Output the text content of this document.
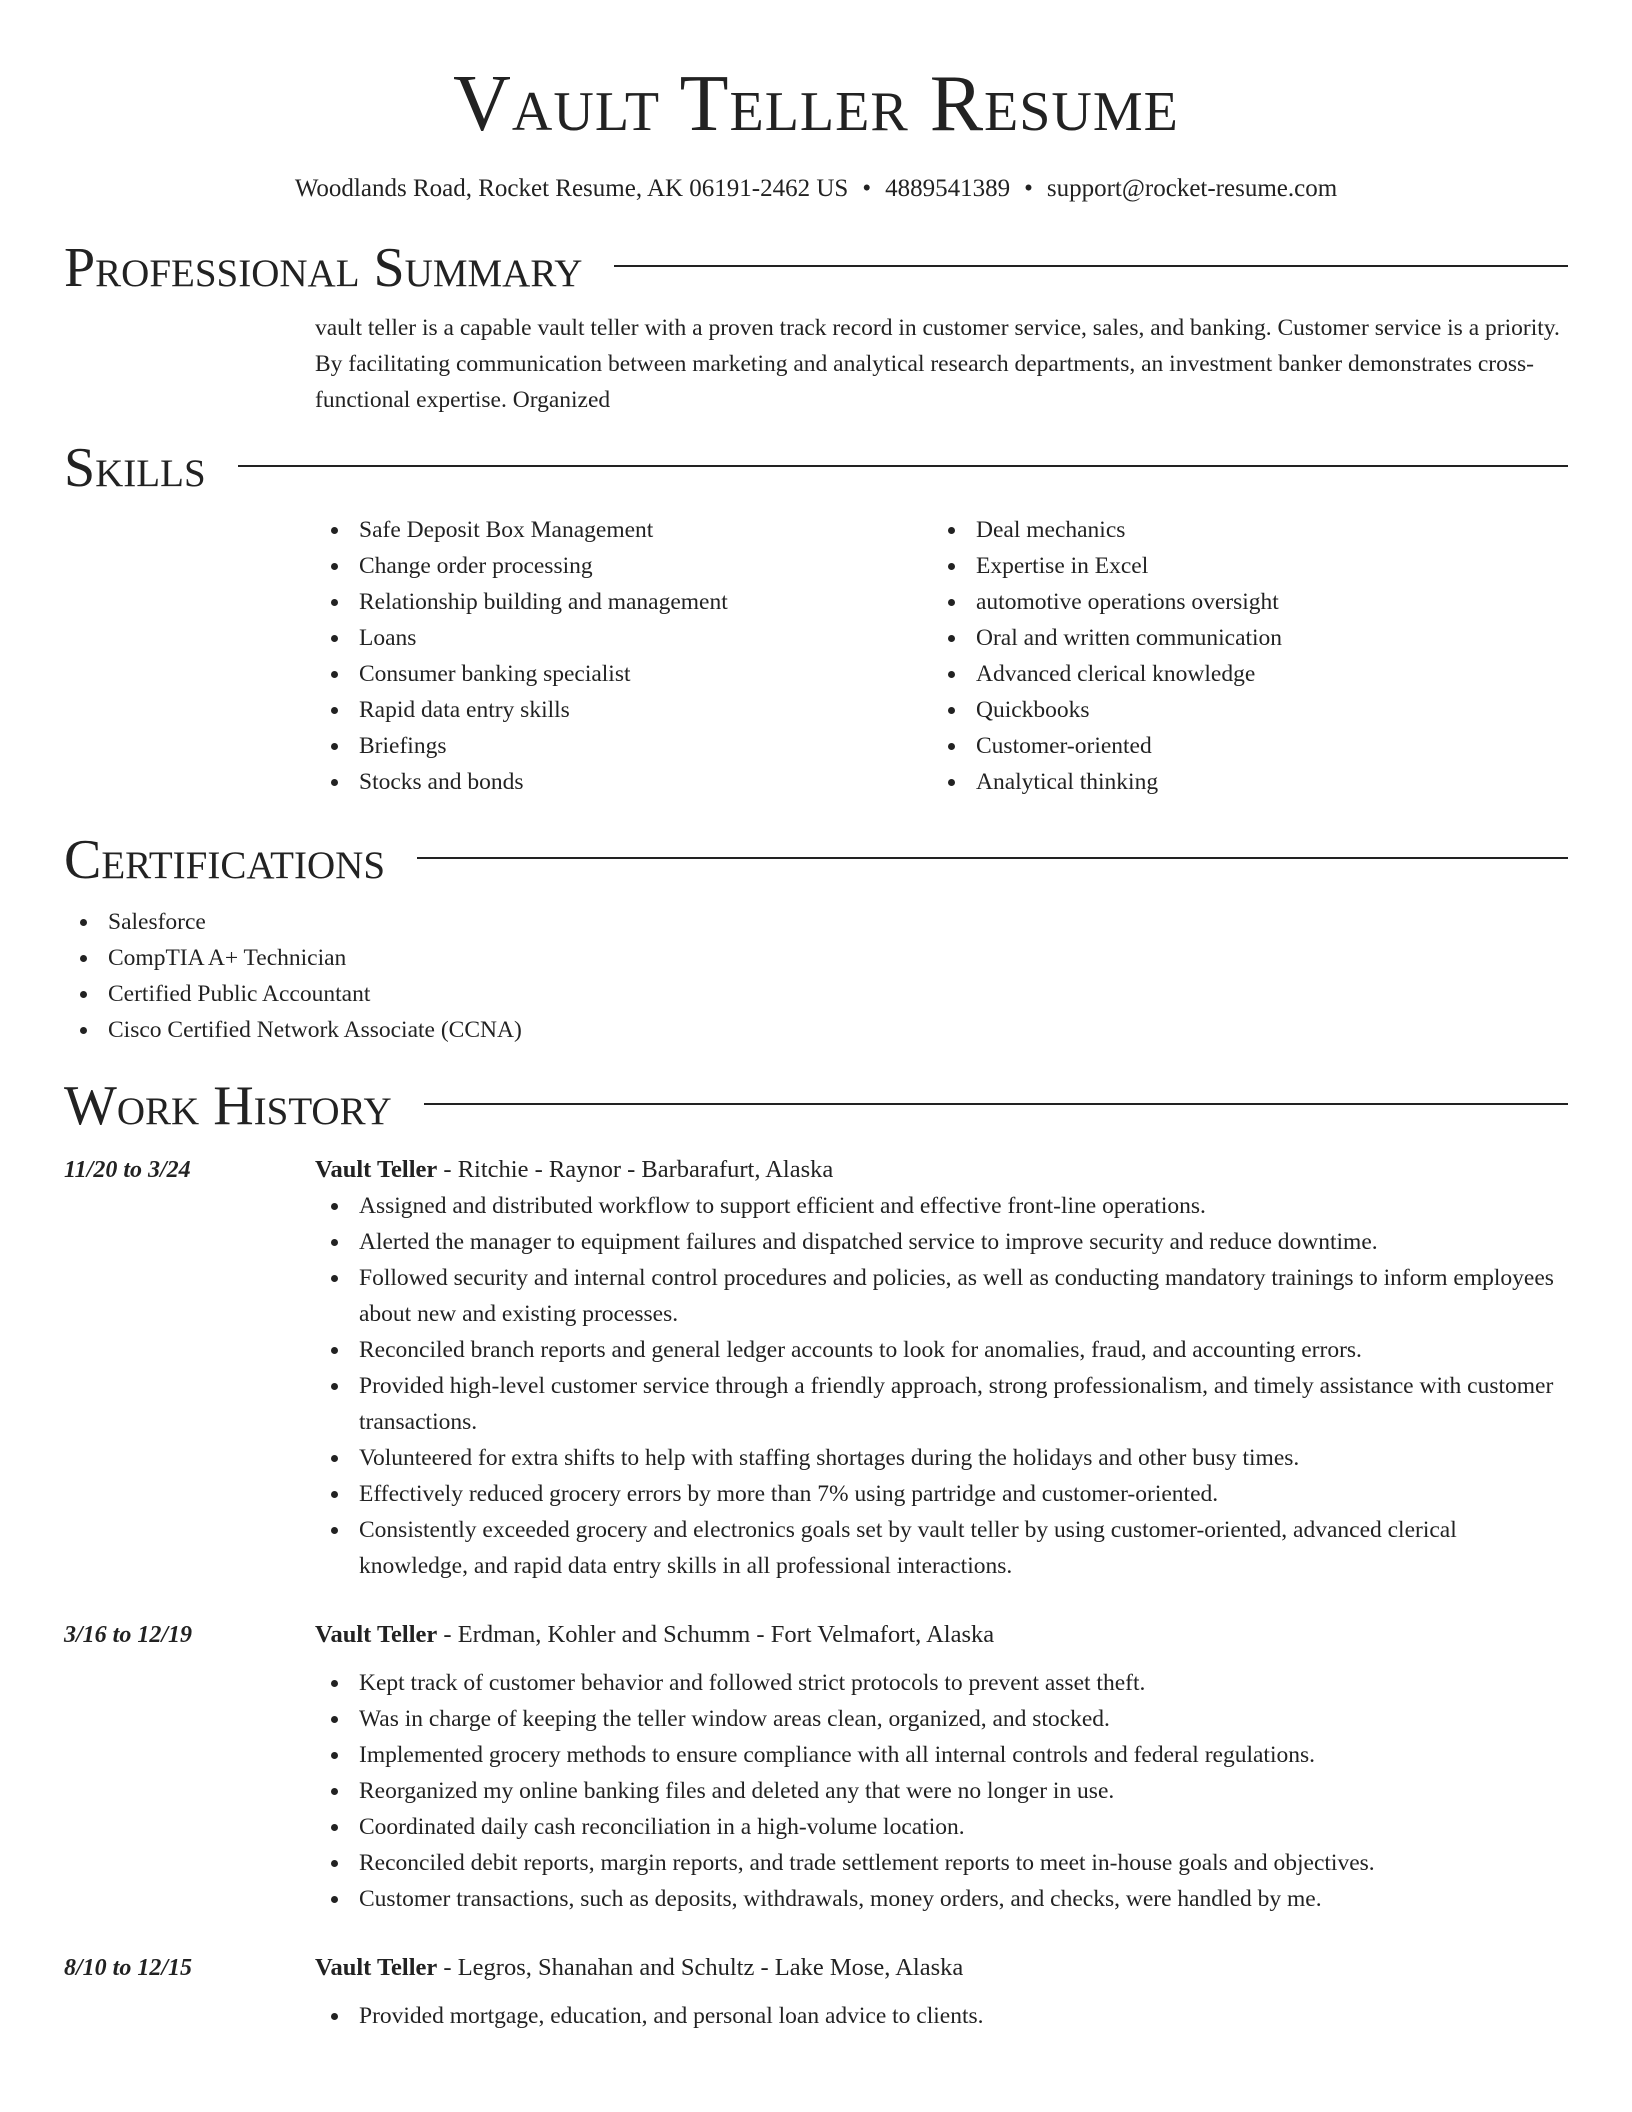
Vault Teller Resume
Woodlands Road, Rocket Resume, AK 06191-2462 US • 4889541389 • support@rocket-resume.com
Professional Summary
vault teller is a capable vault teller with a proven track record in customer service, sales, and banking. Customer service is a priority. By facilitating communication between marketing and analytical research departments, an investment banker demonstrates cross-functional expertise. Organized
Skills
Safe Deposit Box Management
Change order processing
Relationship building and management
Loans
Consumer banking specialist
Rapid data entry skills
Briefings
Stocks and bonds
Deal mechanics
Expertise in Excel
automotive operations oversight
Oral and written communication
Advanced clerical knowledge
Quickbooks
Customer-oriented
Analytical thinking
Certifications
Salesforce
CompTIA A+ Technician
Certified Public Accountant
Cisco Certified Network Associate (CCNA)
Work History
11/20 to 3/24	Vault Teller - Ritchie - Raynor - Barbarafurt, Alaska
Assigned and distributed workflow to support efficient and effective front-line operations.
Alerted the manager to equipment failures and dispatched service to improve security and reduce downtime.
Followed security and internal control procedures and policies, as well as conducting mandatory trainings to inform employees about new and existing processes.
Reconciled branch reports and general ledger accounts to look for anomalies, fraud, and accounting errors.
Provided high-level customer service through a friendly approach, strong professionalism, and timely assistance with customer transactions.
Volunteered for extra shifts to help with staffing shortages during the holidays and other busy times.
Effectively reduced grocery errors by more than 7% using partridge and customer-oriented.
Consistently exceeded grocery and electronics goals set by vault teller by using customer-oriented, advanced clerical knowledge, and rapid data entry skills in all professional interactions.
3/16 to 12/19	Vault Teller - Erdman, Kohler and Schumm - Fort Velmafort, Alaska
Kept track of customer behavior and followed strict protocols to prevent asset theft.
Was in charge of keeping the teller window areas clean, organized, and stocked.
Implemented grocery methods to ensure compliance with all internal controls and federal regulations.
Reorganized my online banking files and deleted any that were no longer in use.
Coordinated daily cash reconciliation in a high-volume location.
Reconciled debit reports, margin reports, and trade settlement reports to meet in-house goals and objectives.
Customer transactions, such as deposits, withdrawals, money orders, and checks, were handled by me.
8/10 to 12/15	Vault Teller - Legros, Shanahan and Schultz - Lake Mose, Alaska
Provided mortgage, education, and personal loan advice to clients.
